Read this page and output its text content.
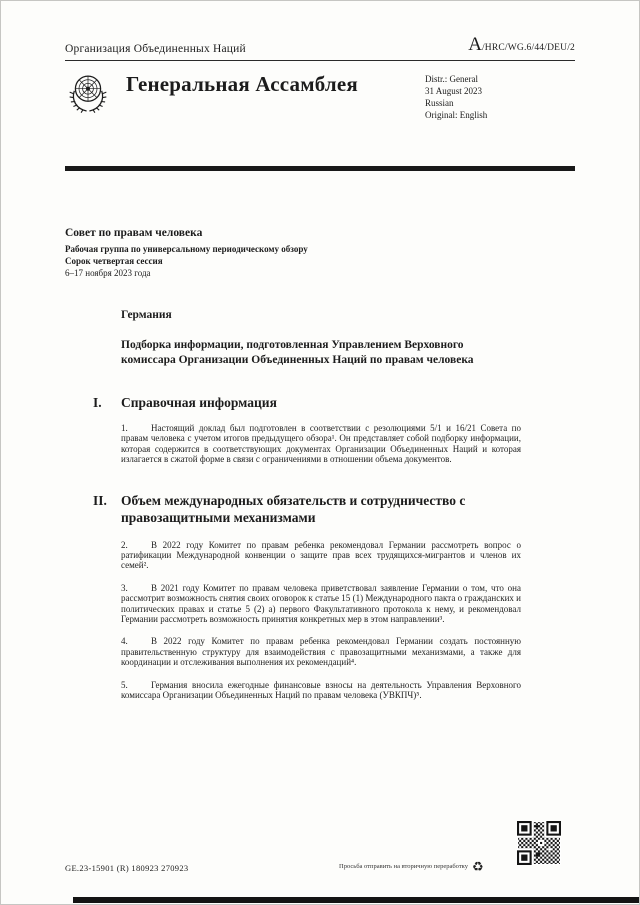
Организация Объединенных Наций	A/HRC/WG.6/44/DEU/2
Генеральная Ассамблея	Distr.: General
31 August 2023
Russian
Original: English
Совет по правам человека
Рабочая группа по универсальному периодическому обзору
Сорок четвертая сессия
6–17 ноября 2023 года
Германия
Подборка информации, подготовленная Управлением Верховного комиссара Организации Объединенных Наций по правам человека
I. Справочная информация

1.	Настоящий доклад был подготовлен в соответствии с резолюциями 5/1 и 16/21 Совета по правам человека с учетом итогов предыдущего обзора¹. Он представляет собой подборку информации, которая содержится в соответствующих документах Организации Объединенных Наций и которая излагается в сжатой форме в связи с ограничениями в отношении объема документов.

II. Объем международных обязательств и сотрудничество с правозащитными механизмами

2.	В 2022 году Комитет по правам ребенка рекомендовал Германии рассмотреть вопрос о ратификации Международной конвенции о защите прав всех трудящихся-мигрантов и членов их семей².

3.	В 2021 году Комитет по правам человека приветствовал заявление Германии о том, что она рассмотрит возможность снятия своих оговорок к статье 15 (1) Международного пакта о гражданских и политических правах и статье 5 (2) а) первого Факультативного протокола к нему, и рекомендовал Германии рассмотреть возможность принятия конкретных мер в этом направлении³.

4.	В 2022 году Комитет по правам ребенка рекомендовал Германии создать постоянную правительственную структуру для взаимодействия с правозащитными механизмами, а также для координации и отслеживания выполнения их рекомендаций⁴.

5.	Германия вносила ежегодные финансовые взносы на деятельность Управления Верховного комиссара Организации Объединенных Наций по правам человека (УВКПЧ)⁵.

GE.23-15901 (R) 180923 270923	Просьба отправить на вторичную переработку ♻
